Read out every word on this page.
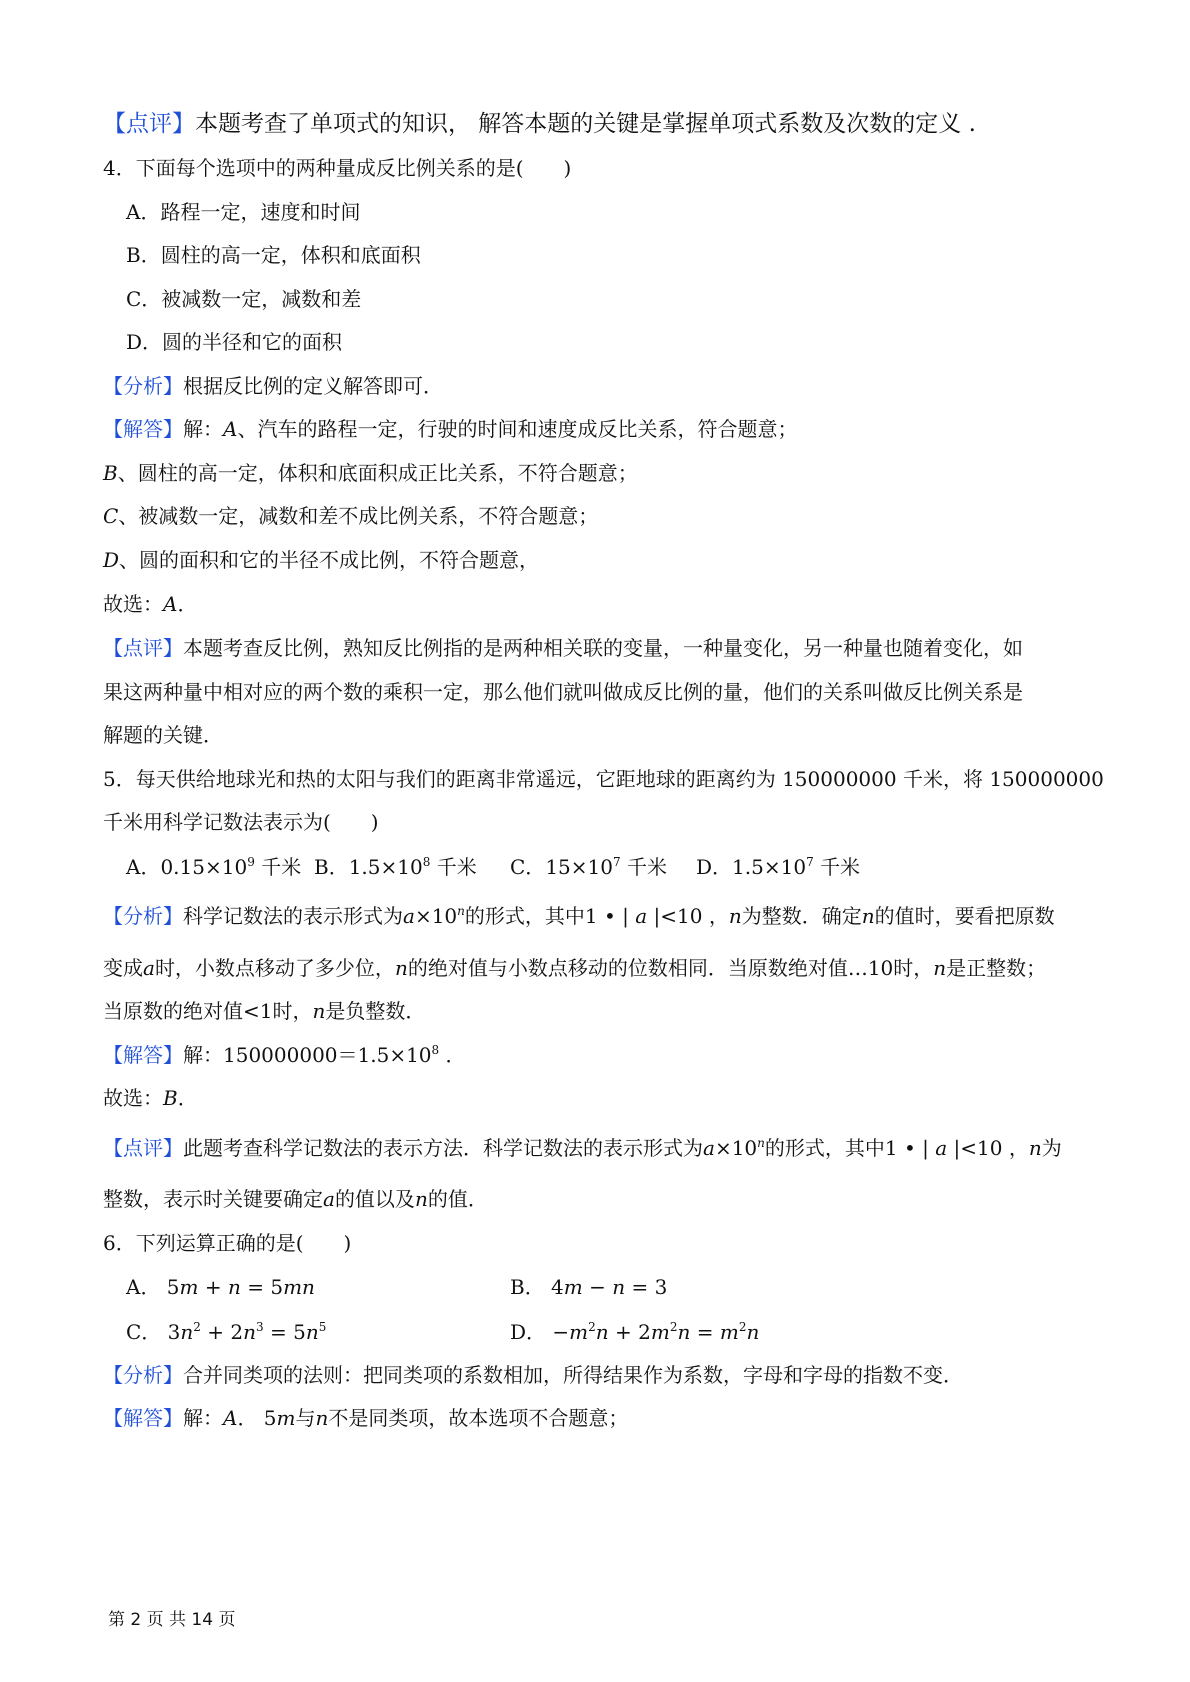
【点评】本题考查了单项式的知识， 解答本题的关键是掌握单项式系数及次数的定义 .
4．下面每个选项中的两种量成反比例关系的是(　　)
A．路程一定，速度和时间
B．圆柱的高一定，体积和底面积
C．被减数一定，减数和差
D．圆的半径和它的面积
【分析】根据反比例的定义解答即可．
【解答】解：A、汽车的路程一定，行驶的时间和速度成反比关系，符合题意；
B、圆柱的高一定，体积和底面积成正比关系，不符合题意；
C、被减数一定，减数和差不成比例关系，不符合题意；
D、圆的面积和它的半径不成比例，不符合题意，
故选：A．
【点评】本题考查反比例，熟知反比例指的是两种相关联的变量，一种量变化，另一种量也随着变化，如
果这两种量中相对应的两个数的乘积一定，那么他们就叫做成反比例的量，他们的关系叫做反比例关系是
解题的关键．
5．每天供给地球光和热的太阳与我们的距离非常遥远，它距地球的距离约为 150000000 千米，将 150000000
千米用科学记数法表示为(　　)
A．$0.15\times 10^9$ 千米 B．$1.5\times 10^8$ 千米 C．$15\times 10^7$ 千米 D．$1.5\times 10^7$ 千米
【分析】科学记数法的表示形式为$a\times 10^n$的形式，其中1 • | a |<10 ，n为整数．确定n的值时，要看把原数
变成a时，小数点移动了多少位，n的绝对值与小数点移动的位数相同．当原数绝对值…10时，n是正整数；
当原数的绝对值<1时，n是负整数．
【解答】解：$150000000=1.5\times 10^8$ ．
故选：B．
【点评】此题考查科学记数法的表示方法．科学记数法的表示形式为$a\times 10^n$的形式，其中1 • | a |<10 ，n为
整数，表示时关键要确定a的值以及n的值．
6．下列运算正确的是(　　)
A． 5m + n = 5mn	B． 4m − n = 3
C． $3n^2 + 2n^3 = 5n^5$	D． $-m^2n + 2m^2n = m^2n$
【分析】合并同类项的法则：把同类项的系数相加，所得结果作为系数，字母和字母的指数不变．
【解答】解：A． 5m与n不是同类项，故本选项不合题意；
第 2 页 共 14 页
